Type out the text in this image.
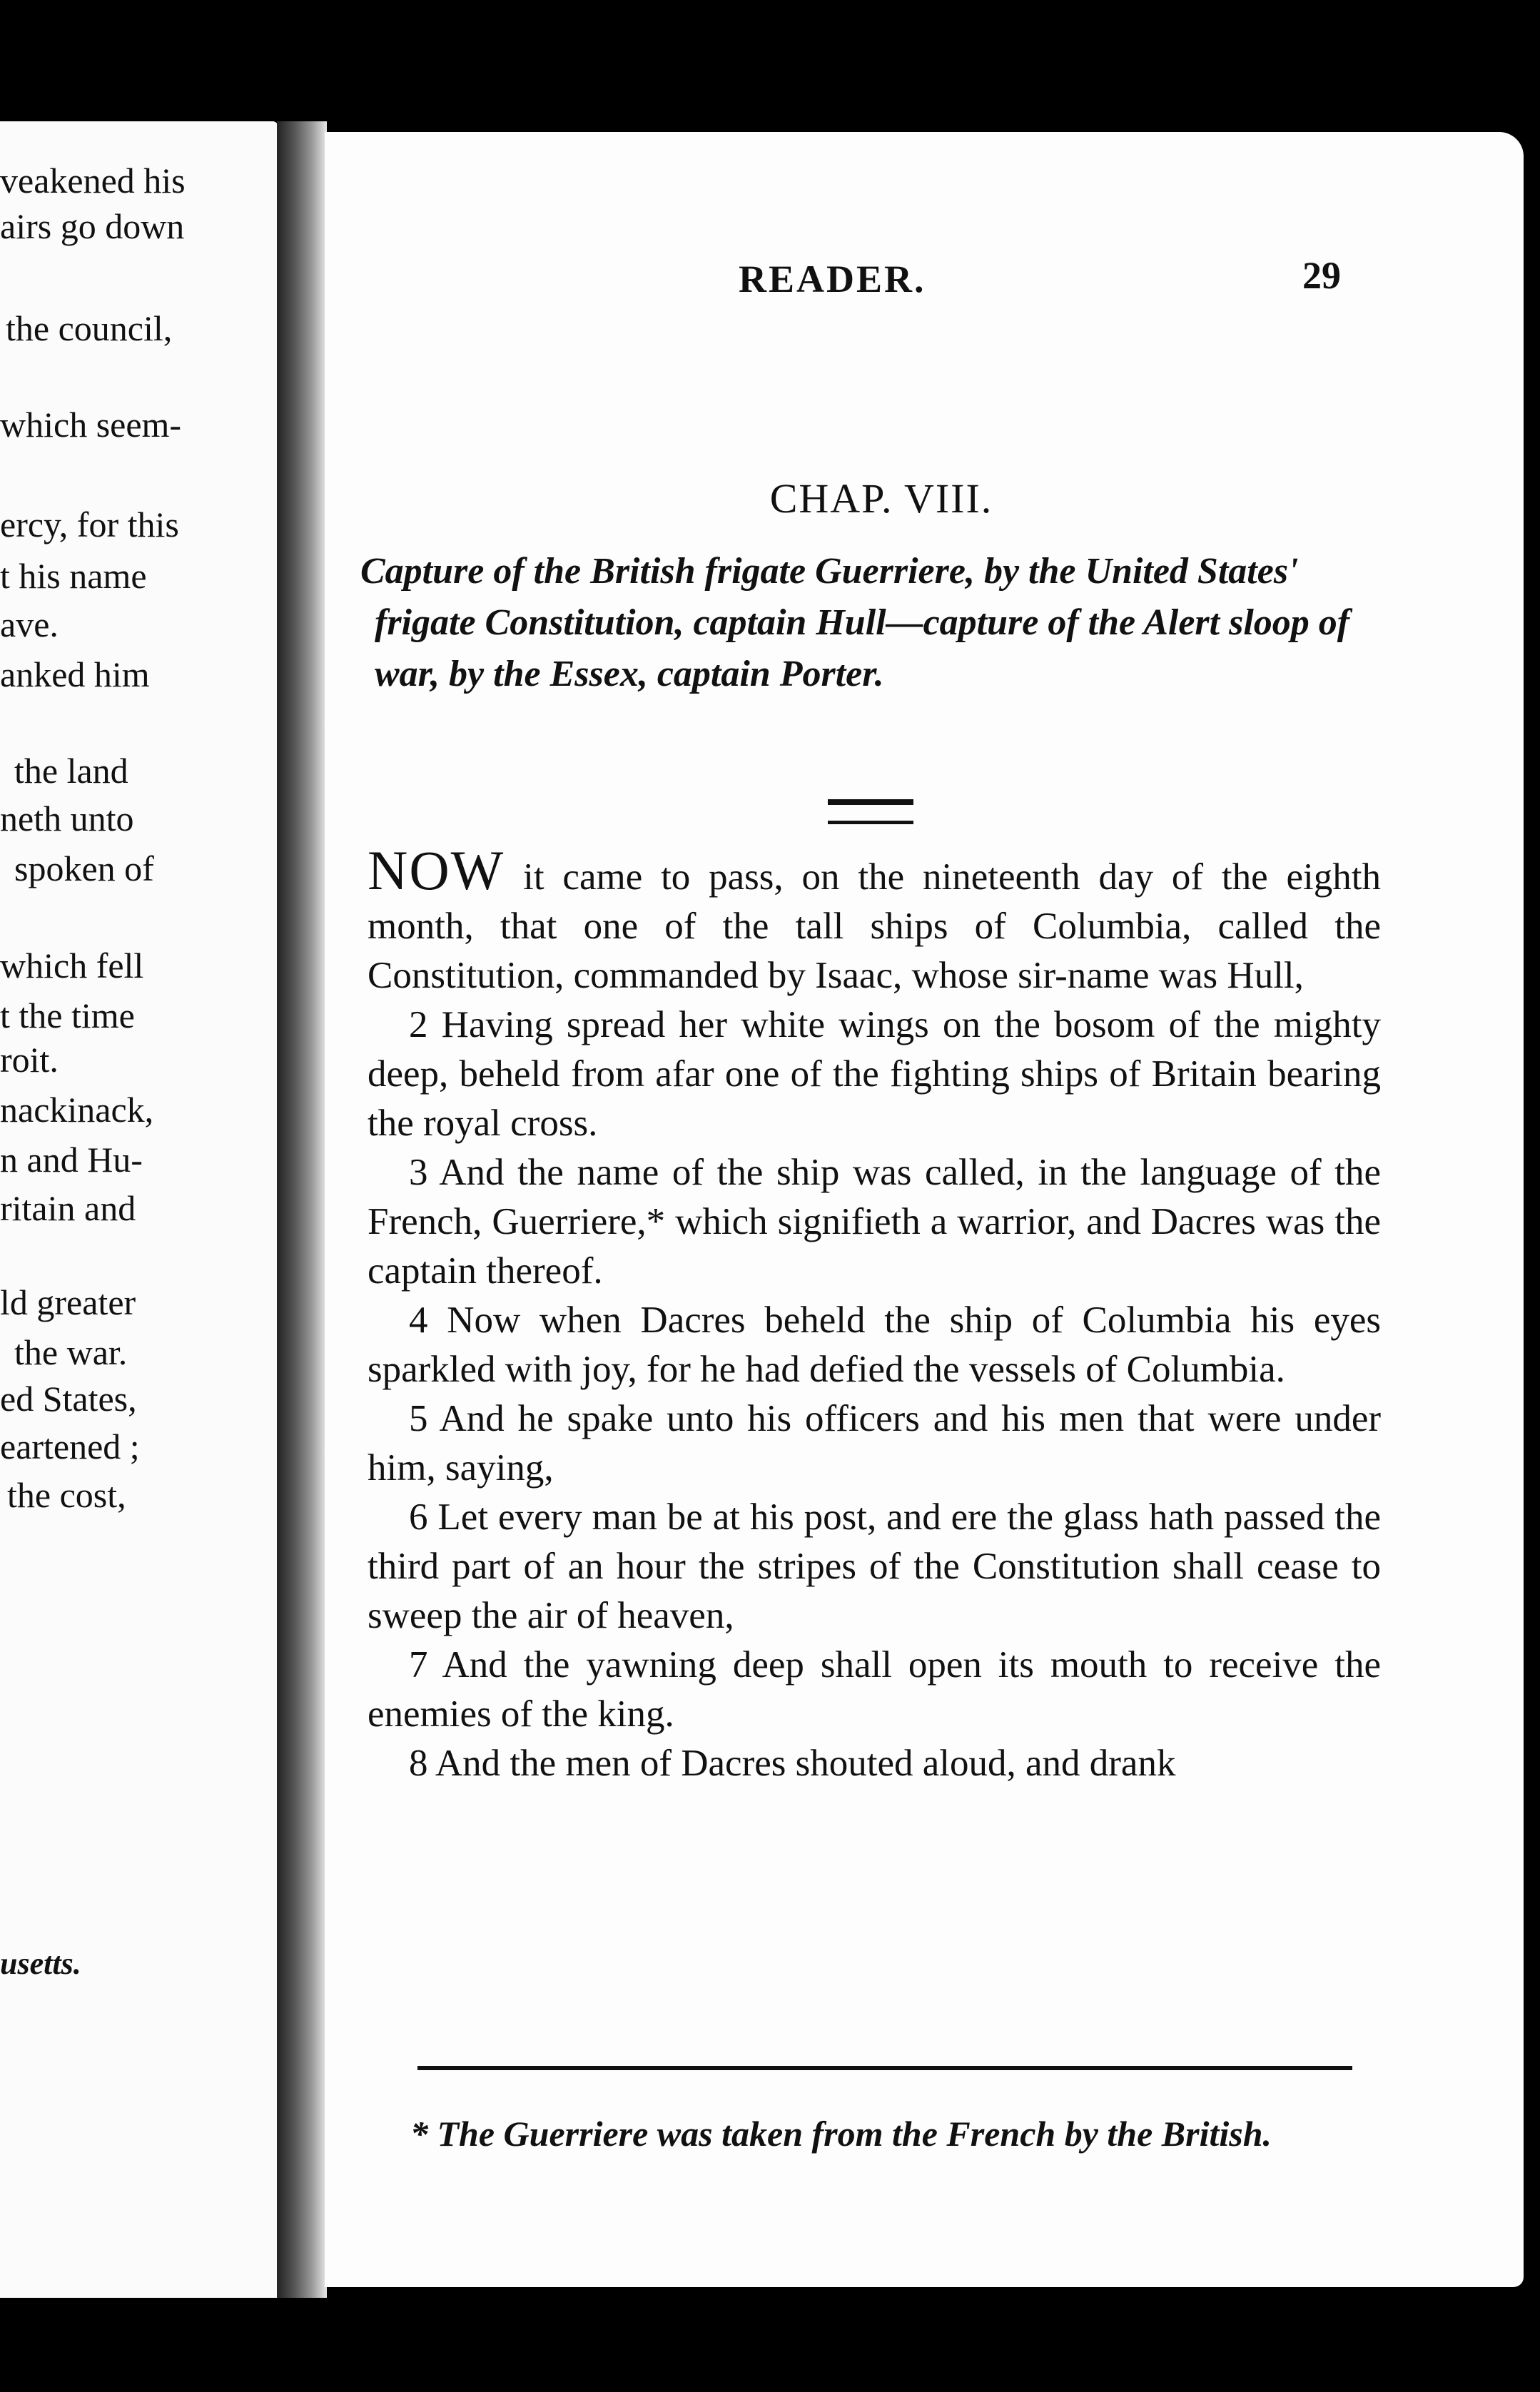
veakened his
airs go down
the council,
which seem-
ercy, for this
t his name
ave.
anked him
the land
neth unto
spoken of
which fell
t the time
roit.
nackinack,
n and Hu-
ritain and
ld greater
the war.
ed States,
eartened ;
the cost,
usetts.
READER.	29
CHAP. VIII.
Capture of the British frigate Guerriere, by the United States' frigate Constitution, captain Hull—capture of the Alert sloop of war, by the Essex, captain Porter.

NOW it came to pass, on the nineteenth day of the eighth month, that one of the tall ships of Columbia, called the Constitution, commanded by Isaac, whose sir-name was Hull,

2 Having spread her white wings on the bosom of the mighty deep, beheld from afar one of the fighting ships of Britain bearing the royal cross.

3 And the name of the ship was called, in the language of the French, Guerriere,* which signifieth a warrior, and Dacres was the captain thereof.

4 Now when Dacres beheld the ship of Columbia his eyes sparkled with joy, for he had defied the vessels of Columbia.

5 And he spake unto his officers and his men that were under him, saying,

6 Let every man be at his post, and ere the glass hath passed the third part of an hour the stripes of the Constitution shall cease to sweep the air of heaven,

7 And the yawning deep shall open its mouth to receive the enemies of the king.

8 And the men of Dacres shouted aloud, and drank

* The Guerriere was taken from the French by the British.
